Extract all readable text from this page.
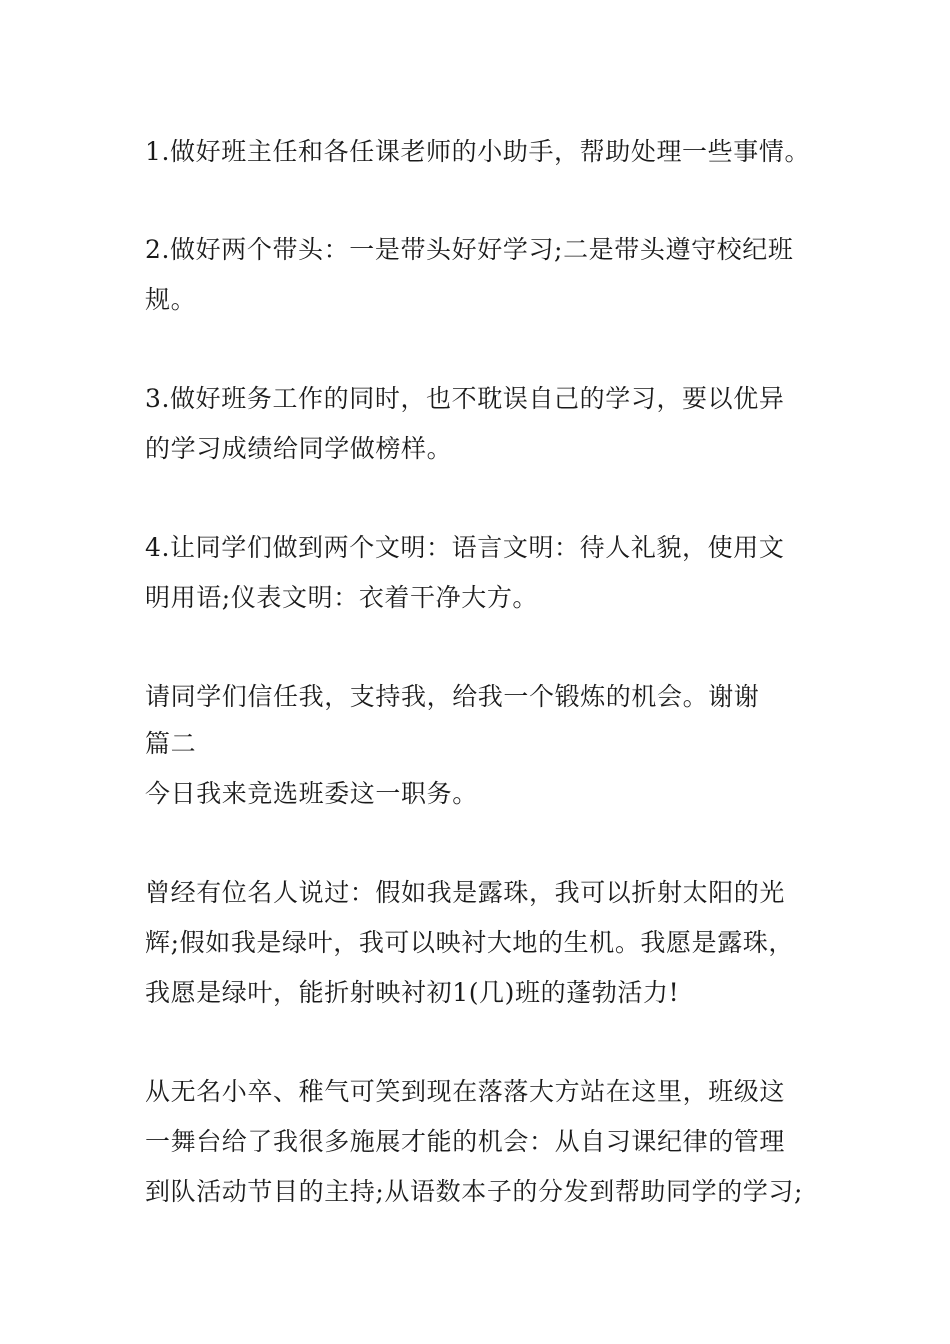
1.做好班主任和各任课老师的小助手，帮助处理一些事情。
2.做好两个带头：一是带头好好学习;二是带头遵守校纪班
规。
3.做好班务工作的同时，也不耽误自己的学习，要以优异
的学习成绩给同学做榜样。
4.让同学们做到两个文明：语言文明：待人礼貌，使用文
明用语;仪表文明：衣着干净大方。
请同学们信任我，支持我，给我一个锻炼的机会。谢谢
篇二
今日我来竞选班委这一职务。
曾经有位名人说过：假如我是露珠，我可以折射太阳的光
辉;假如我是绿叶，我可以映衬大地的生机。我愿是露珠，
我愿是绿叶，能折射映衬初1(几)班的蓬勃活力!
从无名小卒、稚气可笑到现在落落大方站在这里，班级这
一舞台给了我很多施展才能的机会：从自习课纪律的管理
到队活动节目的主持;从语数本子的分发到帮助同学的学习;
